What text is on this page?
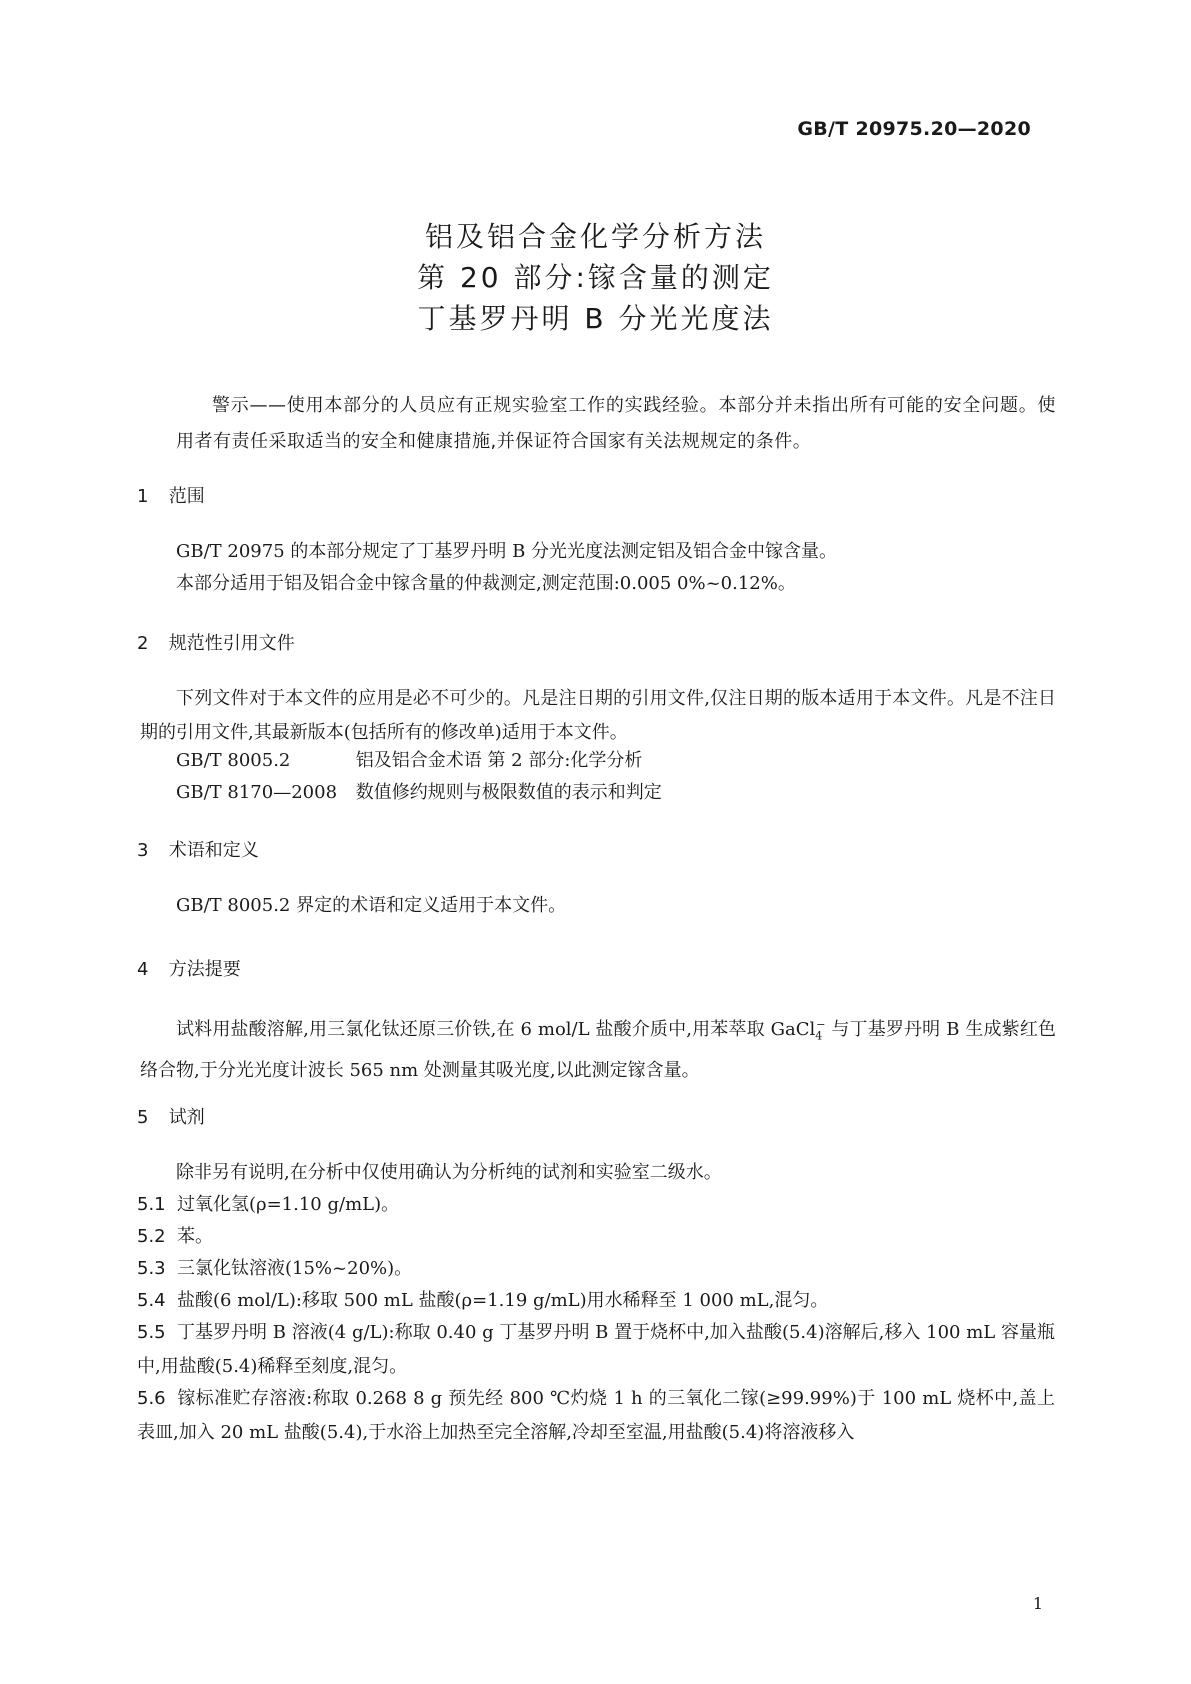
GB/T 20975.20—2020
铝及铝合金化学分析方法
第 20 部分:镓含量的测定
丁基罗丹明 B 分光光度法
警示——使用本部分的人员应有正规实验室工作的实践经验。本部分并未指出所有可能的安全问题。使用者有责任采取适当的安全和健康措施,并保证符合国家有关法规规定的条件。
1 范围
GB/T 20975 的本部分规定了丁基罗丹明 B 分光光度法测定铝及铝合金中镓含量。
本部分适用于铝及铝合金中镓含量的仲裁测定,测定范围:0.005 0%~0.12%。
2 规范性引用文件
下列文件对于本文件的应用是必不可少的。凡是注日期的引用文件,仅注日期的版本适用于本文件。凡是不注日期的引用文件,其最新版本(包括所有的修改单)适用于本文件。
GB/T 8005.2	铝及铝合金术语 第 2 部分:化学分析
GB/T 8170—2008 数值修约规则与极限数值的表示和判定
3 术语和定义
GB/T 8005.2 界定的术语和定义适用于本文件。
4 方法提要
试料用盐酸溶解,用三氯化钛还原三价铁,在 6 mol/L 盐酸介质中,用苯萃取 GaCl$_4$− 与丁基罗丹明 B 生成紫红色络合物,于分光光度计波长 565 nm 处测量其吸光度,以此测定镓含量。
5 试剂
除非另有说明,在分析中仅使用确认为分析纯的试剂和实验室二级水。
5.1 过氧化氢(ρ=1.10 g/mL)。
5.2 苯。
5.3 三氯化钛溶液(15%~20%)。
5.4 盐酸(6 mol/L):移取 500 mL 盐酸(ρ=1.19 g/mL)用水稀释至 1 000 mL,混匀。
5.5 丁基罗丹明 B 溶液(4 g/L):称取 0.40 g 丁基罗丹明 B 置于烧杯中,加入盐酸(5.4)溶解后,移入 100 mL 容量瓶中,用盐酸(5.4)稀释至刻度,混匀。
5.6 镓标准贮存溶液:称取 0.268 8 g 预先经 800 ℃灼烧 1 h 的三氧化二镓(≥99.99%)于 100 mL 烧杯中,盖上表皿,加入 20 mL 盐酸(5.4),于水浴上加热至完全溶解,冷却至室温,用盐酸(5.4)将溶液移入
1
